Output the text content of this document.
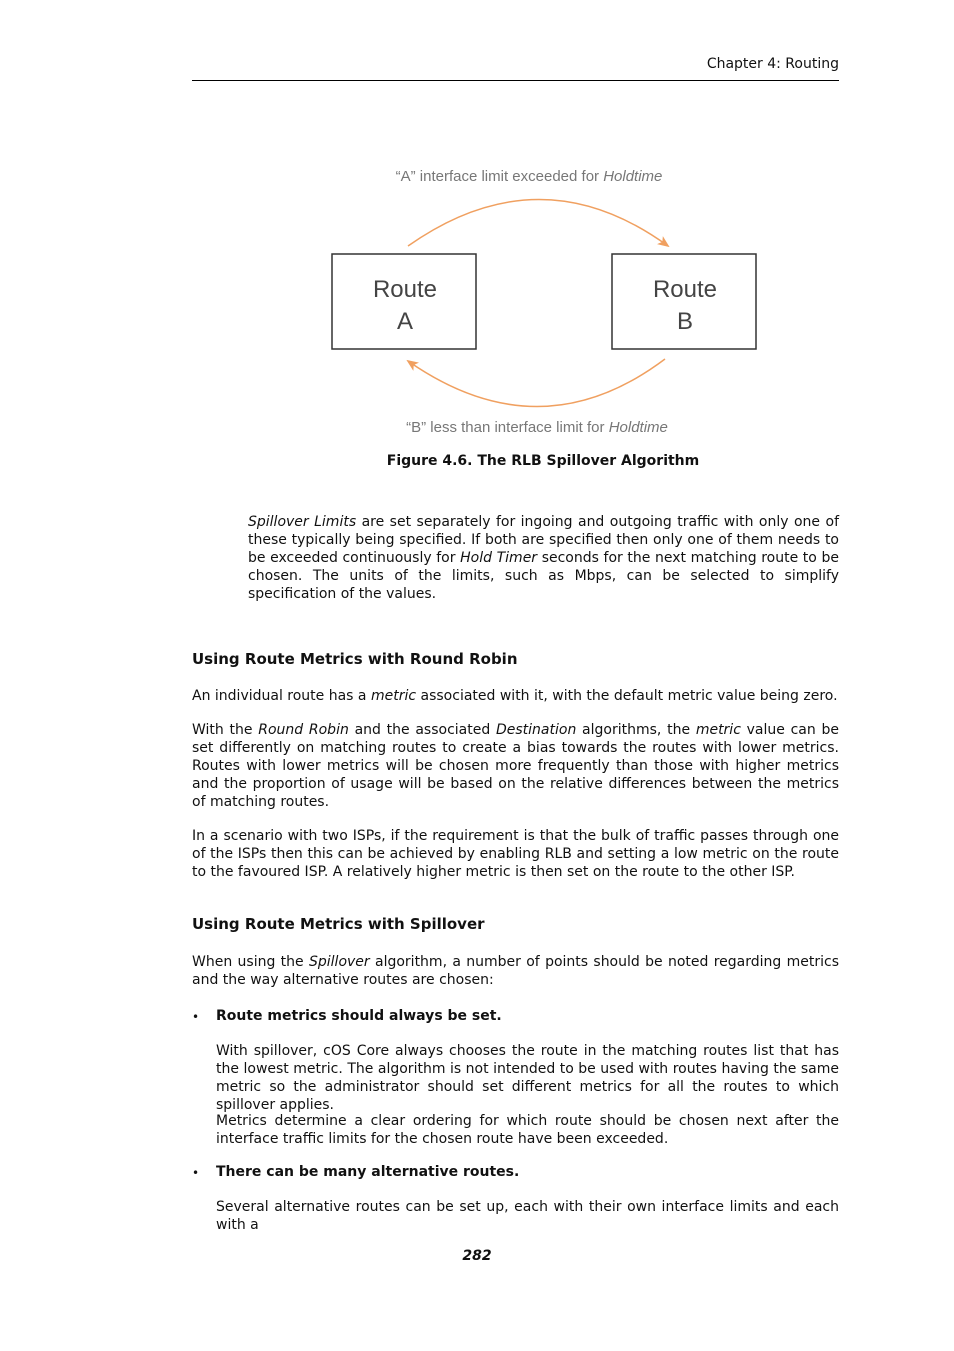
Chapter 4: Routing
“A” interface limit exceeded for Holdtime
Route
A
Route
B
“B” less than interface limit for Holdtime
Figure 4.6. The RLB Spillover Algorithm
Spillover Limits are set separately for ingoing and outgoing traffic with only one of these typically being specified. If both are specified then only one of them needs to be exceeded continuously for Hold Timer seconds for the next matching route to be chosen. The units of the limits, such as Mbps, can be selected to simplify specification of the values.
Using Route Metrics with Round Robin
An individual route has a metric associated with it, with the default metric value being zero.
With the Round Robin and the associated Destination algorithms, the metric value can be set differently on matching routes to create a bias towards the routes with lower metrics. Routes with lower metrics will be chosen more frequently than those with higher metrics and the proportion of usage will be based on the relative differences between the metrics of matching routes.
In a scenario with two ISPs, if the requirement is that the bulk of traffic passes through one of the ISPs then this can be achieved by enabling RLB and setting a low metric on the route to the favoured ISP. A relatively higher metric is then set on the route to the other ISP.
Using Route Metrics with Spillover
When using the Spillover algorithm, a number of points should be noted regarding metrics and the way alternative routes are chosen:
• Route metrics should always be set.
With spillover, cOS Core always chooses the route in the matching routes list that has the lowest metric. The algorithm is not intended to be used with routes having the same metric so the administrator should set different metrics for all the routes to which spillover applies.
Metrics determine a clear ordering for which route should be chosen next after the interface traffic limits for the chosen route have been exceeded.
• There can be many alternative routes.
Several alternative routes can be set up, each with their own interface limits and each with a
282
